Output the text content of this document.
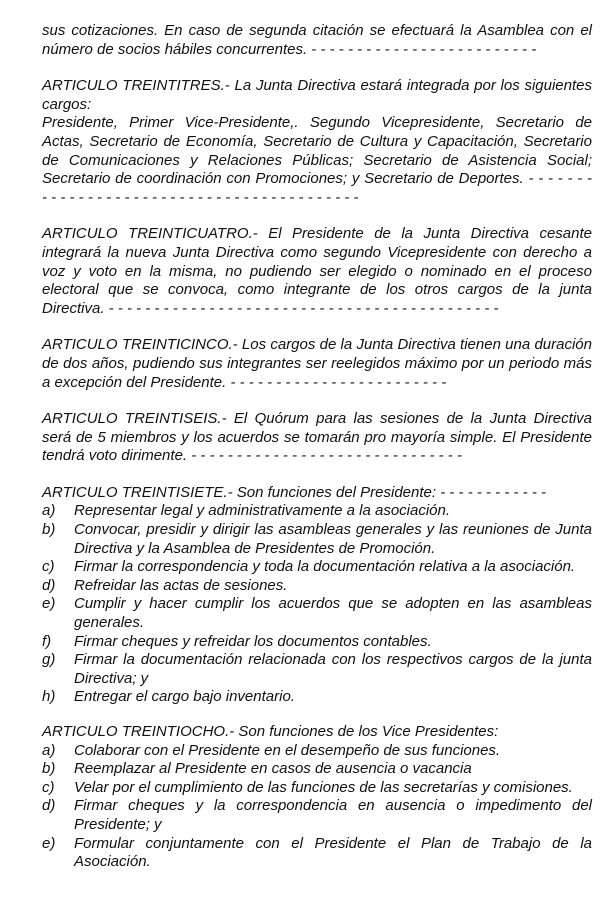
sus cotizaciones. En caso de segunda citación se efectuará la Asamblea con el número de socios hábiles concurrentes. - - - - - - - - - - - - - - - - - - - - - - - - -

ARTICULO TREINTITRES.- La Junta Directiva estará integrada por los siguientes cargos:

Presidente, Primer Vice-Presidente,. Segundo Vicepresidente, Secretario de Actas, Secretario de Economía, Secretario de Cultura y Capacitación, Secretario de Comunicaciones y Relaciones Públicas; Secretario de Asistencia Social; Secretario de coordinación con Promociones; y Secretario de Deportes. - - - - - - - - - - - - - - - - - - - - - - - - - - - - - - - - - - - - - - - - - -

ARTICULO TREINTICUATRO.- El Presidente de la Junta Directiva cesante integrará la nueva Junta Directiva como segundo Vicepresidente con derecho a voz y voto en la misma, no pudiendo ser elegido o nominado en el proceso electoral que se convoca, como integrante de los otros cargos de la junta Directiva. - - - - - - - - - - - - - - - - - - - - - - - - - - - - - - - - - - - - - - - - - - -

ARTICULO TREINTICINCO.- Los cargos de la Junta Directiva tienen una duración de dos años, pudiendo sus integrantes ser reelegidos máximo por un periodo más a excepción del Presidente. - - - - - - - - - - - - - - - - - - - - - - - -

ARTICULO TREINTISEIS.- El Quórum para las sesiones de la Junta Directiva será de 5 miembros y los acuerdos se tomarán pro mayoría simple. El Presidente tendrá voto dirimente. - - - - - - - - - - - - - - - - - - - - - - - - - - - - - -

ARTICULO TREINTISIETE.- Son funciones del Presidente: - - - - - - - - - - - -

a)	Representar legal y administrativamente a la asociación.
b)	Convocar, presidir y dirigir las asambleas generales y las reuniones de Junta Directiva y la Asamblea de Presidentes de Promoción.
c)	Firmar la correspondencia y toda la documentación relativa a la asociación.
d)	Refreidar las actas de sesiones.
e)	Cumplir y hacer cumplir los acuerdos que se adopten en las asambleas generales.
f)	Firmar cheques y refreidar los documentos contables.
g)	Firmar la documentación relacionada con los respectivos cargos de la junta Directiva; y
h)	Entregar el cargo bajo inventario.

ARTICULO TREINTIOCHO.- Son funciones de los Vice Presidentes:

a)	Colaborar con el Presidente en el desempeño de sus funciones.
b)	Reemplazar al Presidente en casos de ausencia o vacancia
c)	Velar por el cumplimiento de las funciones de las secretarías y comisiones.
d)	Firmar cheques y la correspondencia en ausencia o impedimento del Presidente; y
e)	Formular conjuntamente con el Presidente el Plan de Trabajo de la Asociación.
